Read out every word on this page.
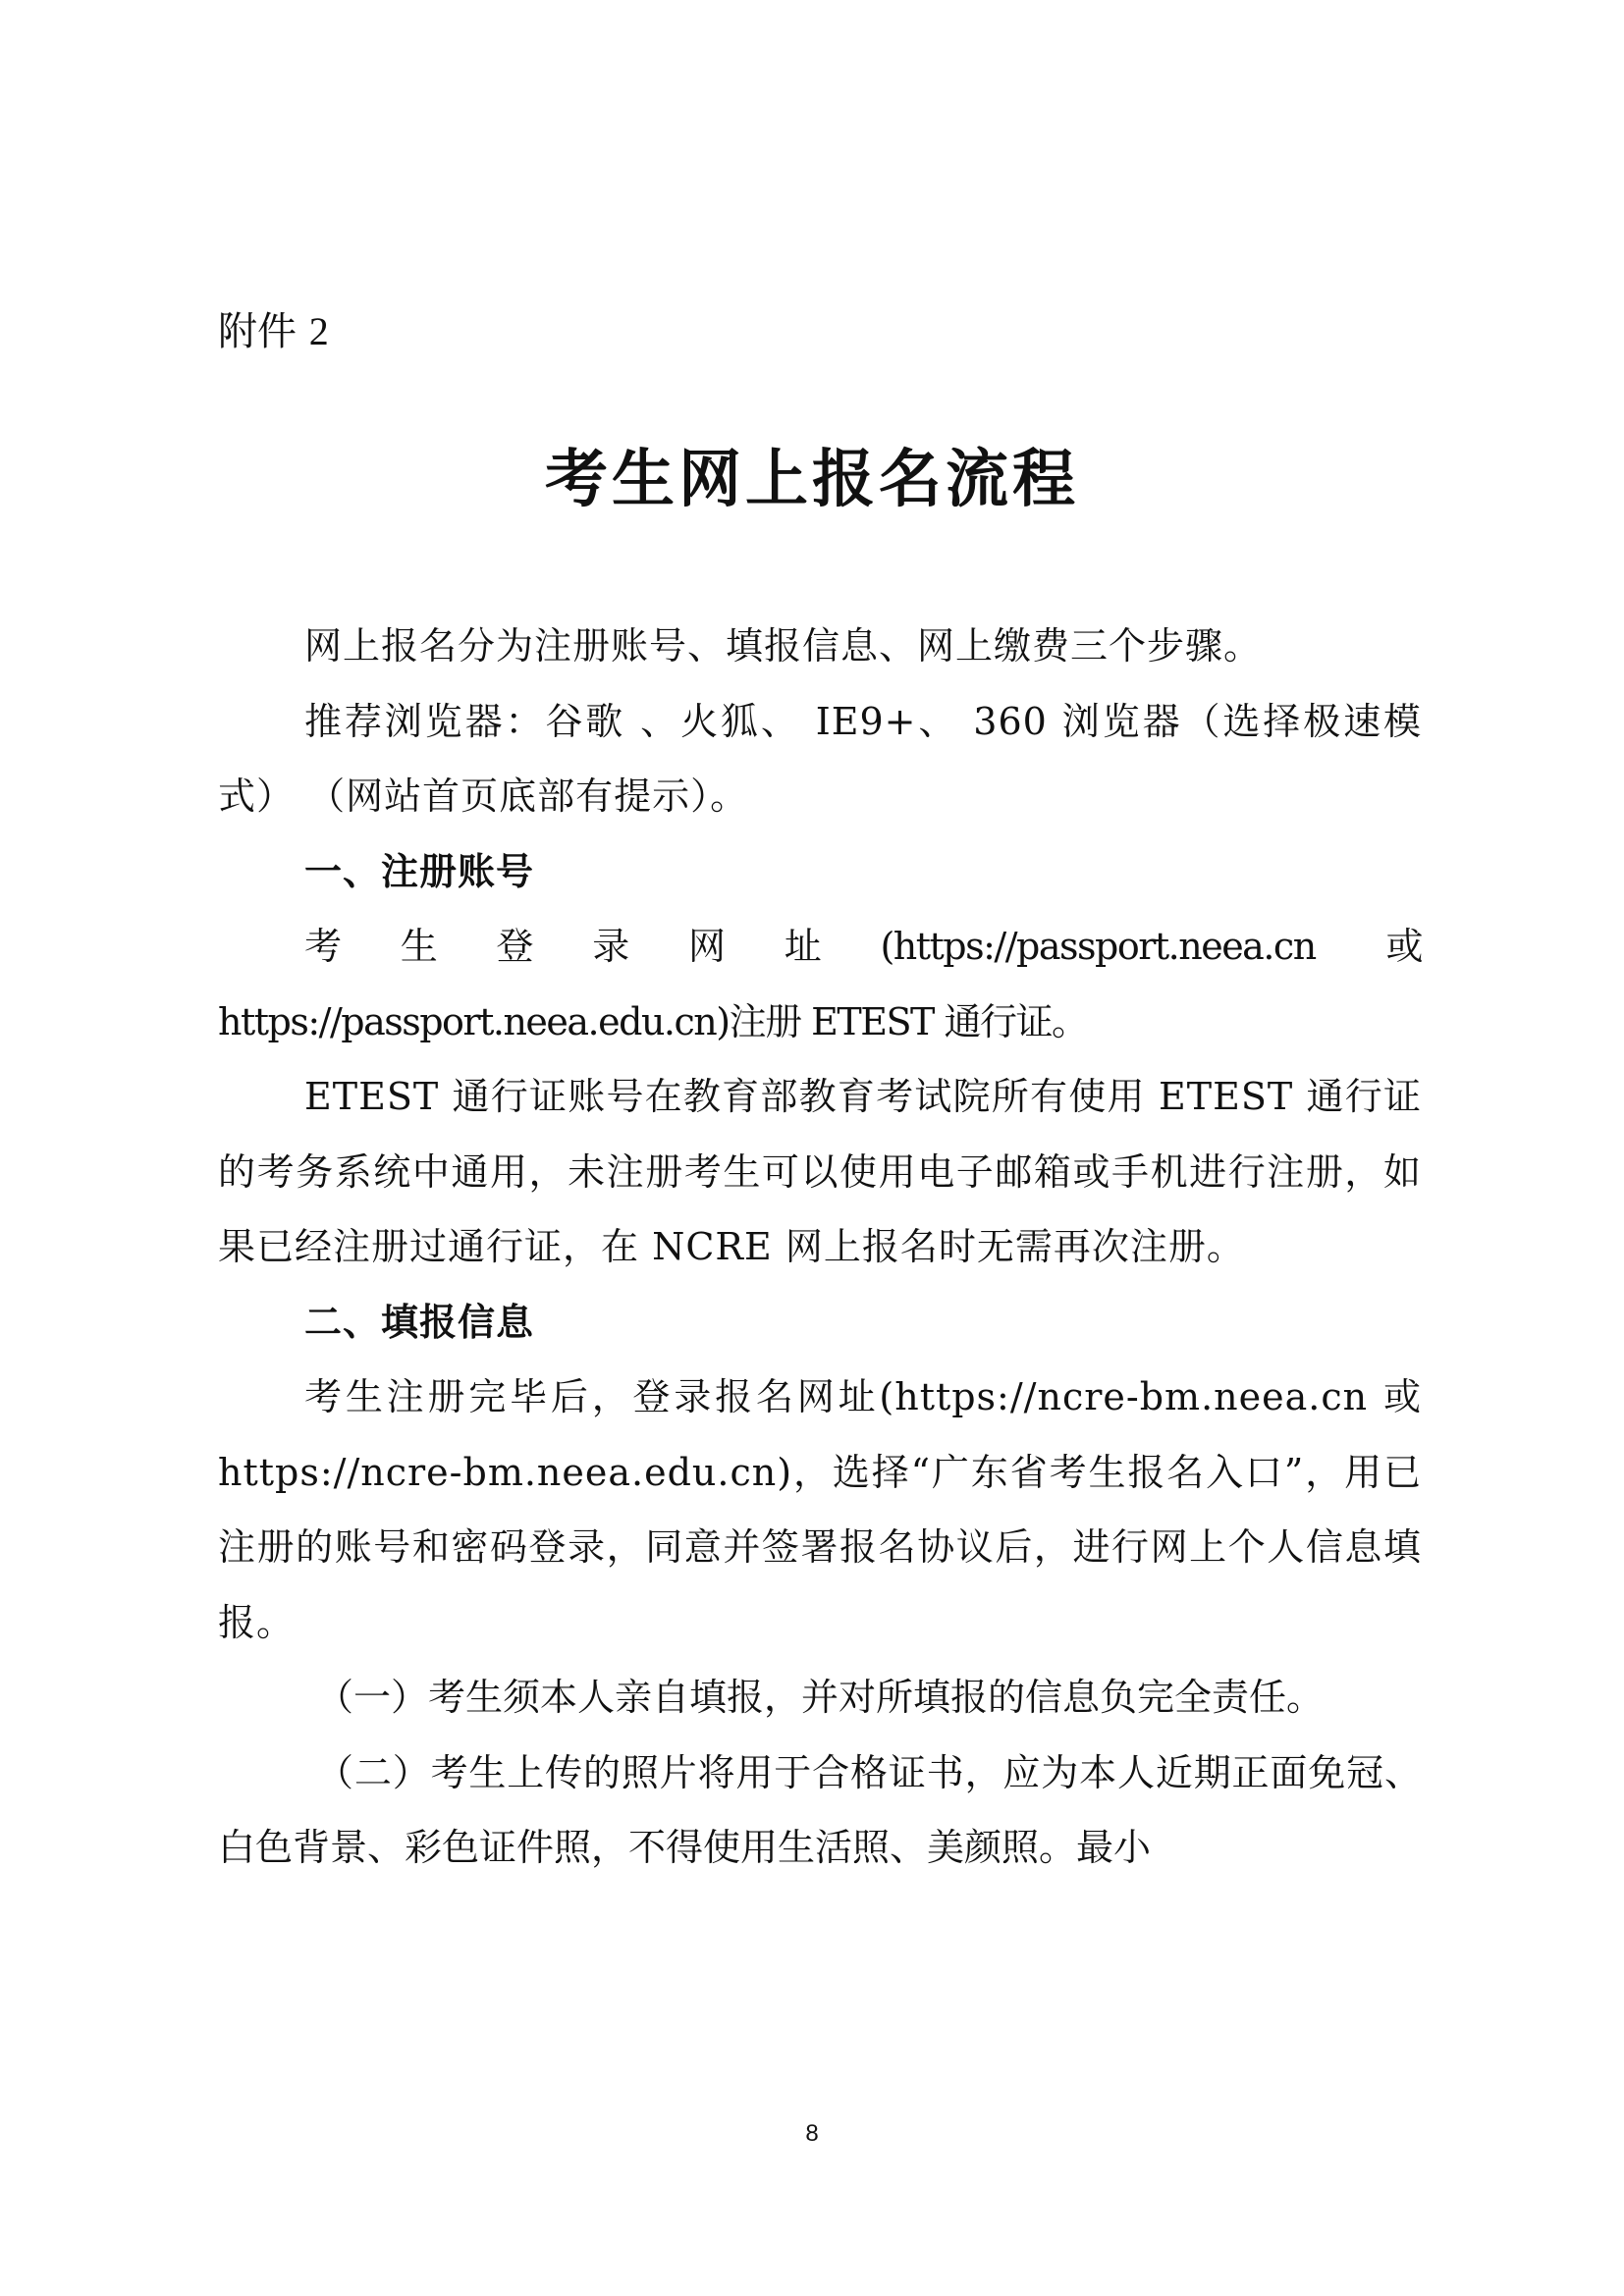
附件 2
考生网上报名流程

网上报名分为注册账号、填报信息、网上缴费三个步骤。

推荐浏览器：谷歌 、火狐、 IE9+、 360 浏览器（选择极速模式） （网站首页底部有提示）。

一、注册账号

考生登录网址(https://passport.neea.cn 或 https://passport.neea.edu.cn)注册 ETEST 通行证。

ETEST 通行证账号在教育部教育考试院所有使用 ETEST 通行证的考务系统中通用，未注册考生可以使用电子邮箱或手机进行注册，如果已经注册过通行证，在 NCRE 网上报名时无需再次注册。

二、填报信息

考生注册完毕后，登录报名网址(https://ncre-bm.neea.cn 或 https://ncre-bm.neea.edu.cn)，选择“广东省考生报名入口”，用已注册的账号和密码登录，同意并签署报名协议后，进行网上个人信息填报。

（一）考生须本人亲自填报，并对所填报的信息负完全责任。

（二）考生上传的照片将用于合格证书，应为本人近期正面免冠、白色背景、彩色证件照，不得使用生活照、美颜照。最小

8
